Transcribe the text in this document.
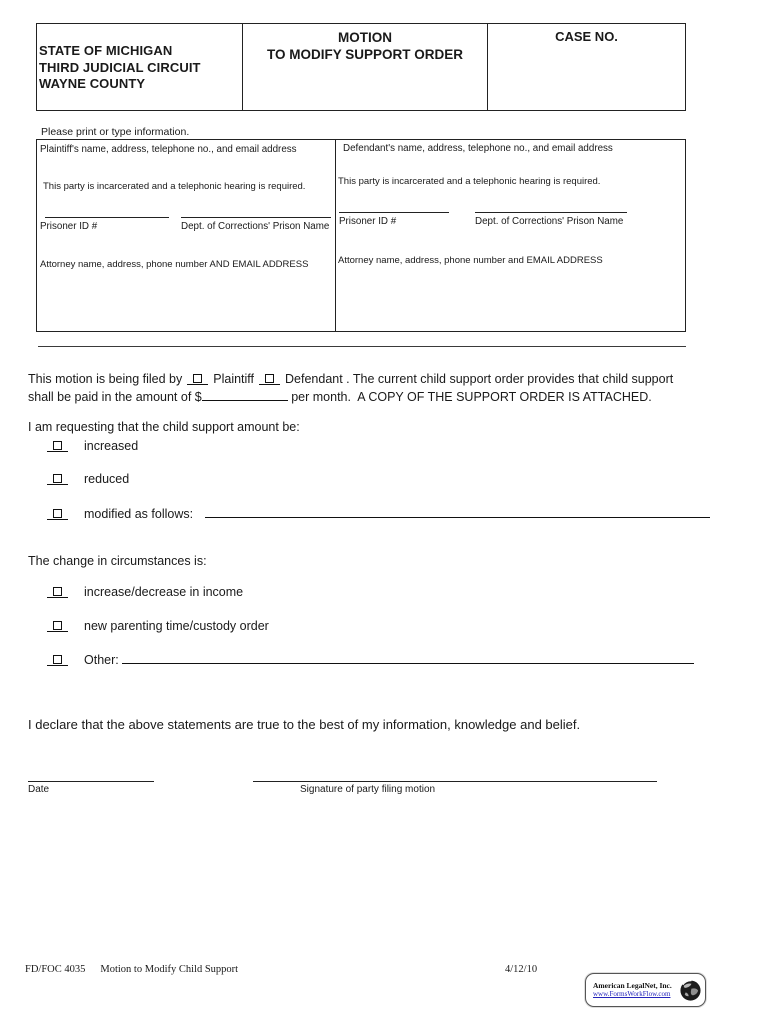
STATE OF MICHIGAN
THIRD JUDICIAL CIRCUIT
WAYNE COUNTY
MOTION
TO MODIFY SUPPORT ORDER
CASE NO.
Please print or type information.
Plaintiff's name, address, telephone no., and email address
This party is incarcerated and a telephonic hearing is required.
Prisoner ID #	Dept. of Corrections' Prison Name
Attorney name, address, phone number AND EMAIL ADDRESS
Defendant's name, address, telephone no., and email address
This party is incarcerated and a telephonic hearing is required.
Prisoner ID #	Dept. of Corrections' Prison Name
Attorney name, address, phone number and EMAIL ADDRESS
This motion is being filed by Plaintiff Defendant . The current child support order provides that child support
shall be paid in the amount of $	per month.  A COPY OF THE SUPPORT ORDER IS ATTACHED.
I am requesting that the child support amount be:
increased
reduced
modified as follows:
The change in circumstances is:
increase/decrease in income
new parenting time/custody order
Other:
I declare that the above statements are true to the best of my information, knowledge and belief.
Date	Signature of party filing motion
FD/FOC 4035 Motion to Modify Child Support	4/12/10
American LegalNet, Inc.
www.FormsWorkFlow.com
